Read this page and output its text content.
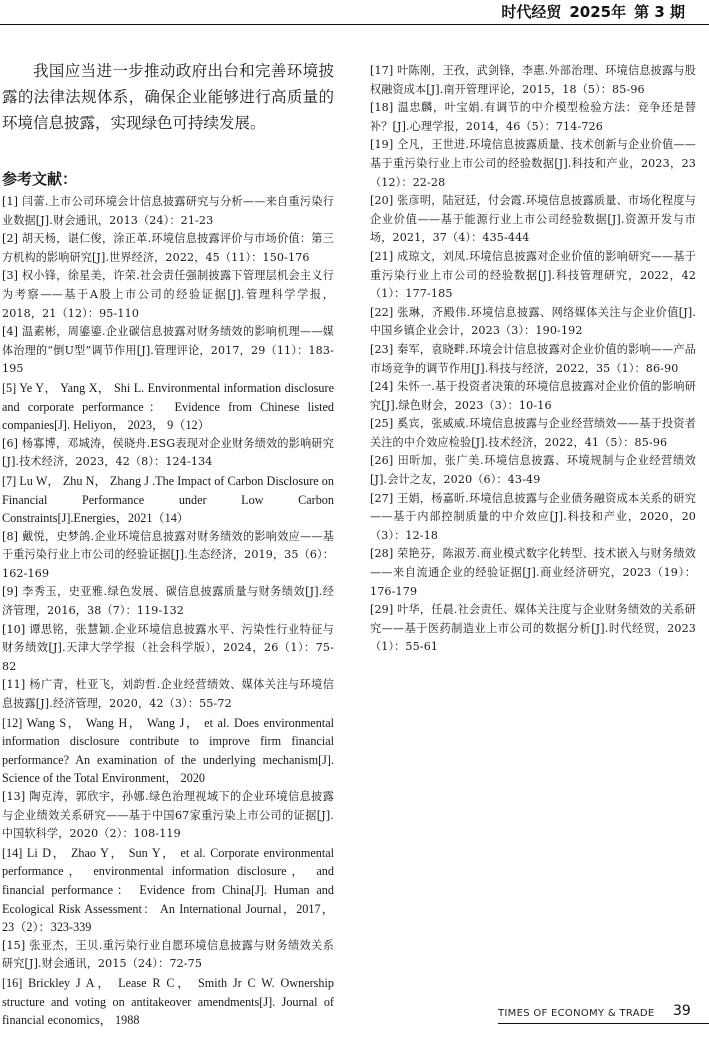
时代经贸 2025年 第 3 期

我国应当进一步推动政府出台和完善环境披露的法律法规体系，确保企业能够进行高质量的环境信息披露，实现绿色可持续发展。

参考文献：

[1] 闫蕾.上市公司环境会计信息披露研究与分析——来自重污染行业数据[J].财会通讯，2013（24）：21-23

[2] 胡天杨，谌仁俊，涂正革.环境信息披露评价与市场价值：第三方机构的影响研究[J].世界经济，2022，45（11）：150-176

[3] 权小锋，徐星美，许荣.社会责任强制披露下管理层机会主义行为考察——基于A股上市公司的经验证据[J].管理科学学报，2018，21（12）：95-110

[4] 温素彬，周鎏鎏.企业碳信息披露对财务绩效的影响机理——媒体治理的“倒U型”调节作用[J].管理评论，2017，29（11）：183-195

[5] Ye Y， Yang X， Shi L. Environmental information disclosure and corporate performance： Evidence from Chinese listed companies[J]. Heliyon， 2023， 9（12）

[6] 杨寡博，邓城涛，侯晓舟.ESG表现对企业财务绩效的影响研究[J].技术经济，2023，42（8）：124-134

[7] Lu W， Zhu N， Zhang J .The Impact of Carbon Disclosure on Financial Performance under Low Carbon Constraints[J].Energies，2021（14）

[8] 戴悦，史梦鸽.企业环境信息披露对财务绩效的影响效应——基于重污染行业上市公司的经验证据[J].生态经济，2019，35（6）：162-169

[9] 李秀玉，史亚雅.绿色发展、碳信息披露质量与财务绩效[J].经济管理，2016，38（7）：119-132

[10] 谭思铭，张慧颖.企业环境信息披露水平、污染性行业特征与财务绩效[J].天津大学学报（社会科学版），2024，26（1）：75-82

[11] 杨广青，杜亚飞，刘韵哲.企业经营绩效、媒体关注与环境信息披露[J].经济管理，2020，42（3）：55-72

[12] Wang S， Wang H， Wang J， et al. Does environmental information disclosure contribute to improve firm financial performance? An examination of the underlying mechanism[J]. Science of the Total Environment， 2020

[13] 陶克涛，郭欣宇，孙娜.绿色治理视域下的企业环境信息披露与企业绩效关系研究——基于中国67家重污染上市公司的证据[J].中国软科学，2020（2）：108-119

[14] Li D， Zhao Y， Sun Y， et al. Corporate environmental performance， environmental information disclosure， and financial performance： Evidence from China[J]. Human and Ecological Risk Assessment： An International Journal，2017，23（2）：323-339

[15] 张亚杰，王贝.重污染行业自愿环境信息披露与财务绩效关系研究[J].财会通讯，2015（24）：72-75

[16] Brickley J A， Lease R C， Smith Jr C W. Ownership structure and voting on antitakeover amendments[J]. Journal of financial economics， 1988

[17] 叶陈刚，王孜，武剑锋，李惠.外部治理、环境信息披露与股权融资成本[J].南开管理评论，2015，18（5）：85-96

[18] 温忠麟，叶宝娟.有调节的中介模型检验方法：竞争还是替补？[J].心理学报，2014，46（5）：714-726

[19] 仝凡，王世进.环境信息披露质量、技术创新与企业价值——基于重污染行业上市公司的经验数据[J].科技和产业，2023，23（12）：22-28

[20] 张彦明，陆冠廷，付会霞.环境信息披露质量、市场化程度与企业价值——基于能源行业上市公司经验数据[J].资源开发与市场，2021，37（4）：435-444

[21] 成琼文，刘凤.环境信息披露对企业价值的影响研究——基于重污染行业上市公司的经验数据[J].科技管理研究，2022，42（1）：177-185

[22] 张琳，齐殿伟.环境信息披露、网络媒体关注与企业价值[J].中国乡镇企业会计，2023（3）：190-192

[23] 秦军，袁晓畔.环境会计信息披露对企业价值的影响——产品市场竞争的调节作用[J].科技与经济，2022，35（1）：86-90

[24] 朱怀一.基于投资者决策的环境信息披露对企业价值的影响研究[J].绿色财会，2023（3）：10-16

[25] 奚宾，张威威.环境信息披露与企业经营绩效——基于投资者关注的中介效应检验[J].技术经济，2022，41（5）：85-96

[26] 田昕加，张广美.环境信息披露、环境规制与企业经营绩效[J].会计之友，2020（6）：43-49

[27] 王娟，杨嘉昕.环境信息披露与企业债务融资成本关系的研究——基于内部控制质量的中介效应[J].科技和产业，2020，20（3）：12-18

[28] 荣艳芬，陈淑芳.商业模式数字化转型、技术嵌入与财务绩效——来自流通企业的经验证据[J].商业经济研究，2023（19）：176-179

[29] 叶华，任晨.社会责任、媒体关注度与企业财务绩效的关系研究——基于医药制造业上市公司的数据分析[J].时代经贸，2023（1）：55-61

TIMES OF ECONOMY & TRADE 39
